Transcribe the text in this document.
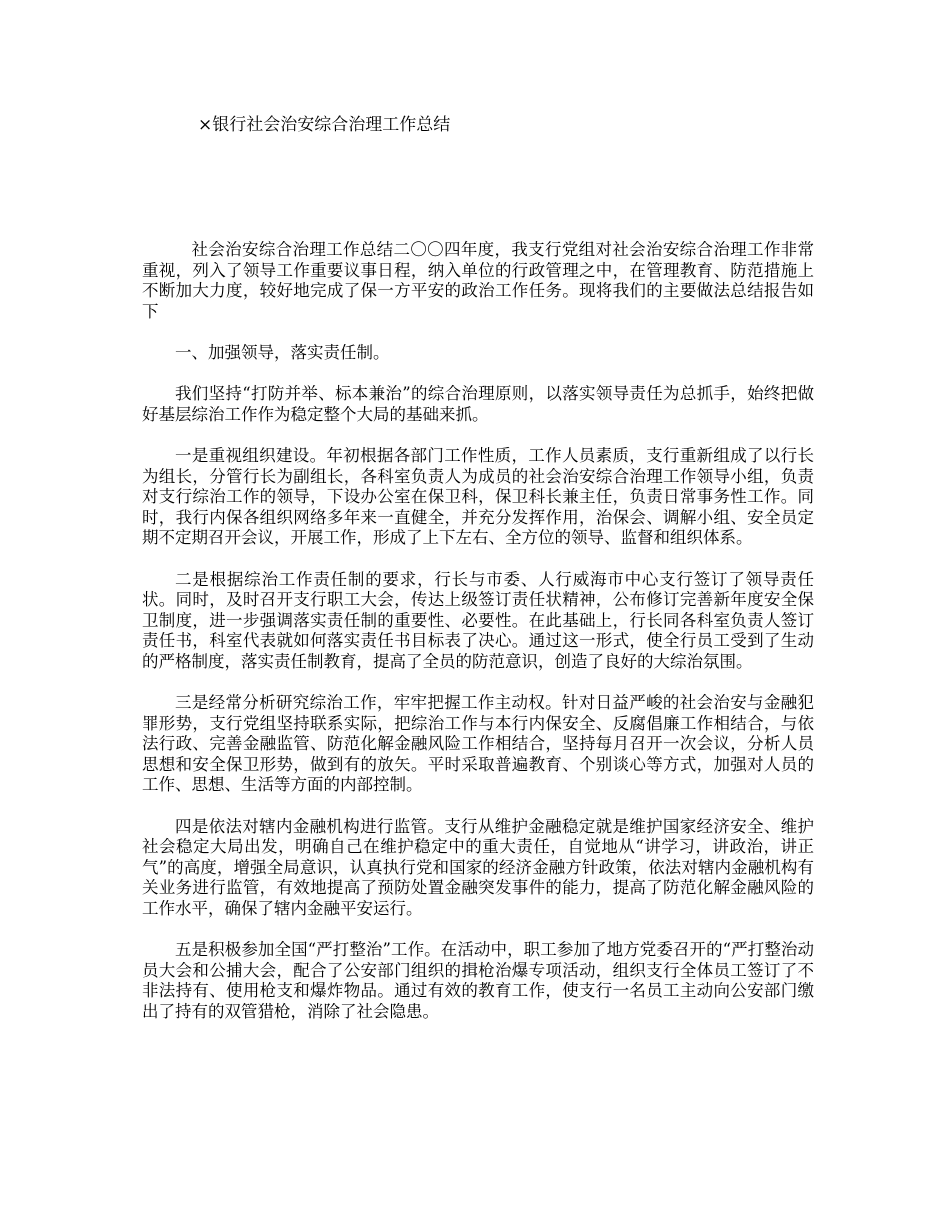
×银行社会治安综合治理工作总结

社会治安综合治理工作总结二〇〇四年度，我支行党组对社会治安综合治理工作非常重视，列入了领导工作重要议事日程，纳入单位的行政管理之中，在管理教育、防范措施上不断加大力度，较好地完成了保一方平安的政治工作任务。现将我们的主要做法总结报告如下

一、加强领导，落实责任制。

我们坚持“打防并举、标本兼治”的综合治理原则，以落实领导责任为总抓手，始终把做好基层综治工作作为稳定整个大局的基础来抓。

一是重视组织建设。年初根据各部门工作性质，工作人员素质，支行重新组成了以行长为组长，分管行长为副组长，各科室负责人为成员的社会治安综合治理工作领导小组，负责对支行综治工作的领导，下设办公室在保卫科，保卫科长兼主任，负责日常事务性工作。同时，我行内保各组织网络多年来一直健全，并充分发挥作用，治保会、调解小组、安全员定期不定期召开会议，开展工作，形成了上下左右、全方位的领导、监督和组织体系。

二是根据综治工作责任制的要求，行长与市委、人行威海市中心支行签订了领导责任状。同时，及时召开支行职工大会，传达上级签订责任状精神，公布修订完善新年度安全保卫制度，进一步强调落实责任制的重要性、必要性。在此基础上，行长同各科室负责人签订责任书，科室代表就如何落实责任书目标表了决心。通过这一形式，使全行员工受到了生动的严格制度，落实责任制教育，提高了全员的防范意识，创造了良好的大综治氛围。

三是经常分析研究综治工作，牢牢把握工作主动权。针对日益严峻的社会治安与金融犯罪形势，支行党组坚持联系实际，把综治工作与本行内保安全、反腐倡廉工作相结合，与依法行政、完善金融监管、防范化解金融风险工作相结合，坚持每月召开一次会议，分析人员思想和安全保卫形势，做到有的放矢。平时采取普遍教育、个别谈心等方式，加强对人员的工作、思想、生活等方面的内部控制。

四是依法对辖内金融机构进行监管。支行从维护金融稳定就是维护国家经济安全、维护社会稳定大局出发，明确自己在维护稳定中的重大责任，自觉地从“讲学习，讲政治，讲正气”的高度，增强全局意识，认真执行党和国家的经济金融方针政策，依法对辖内金融机构有关业务进行监管，有效地提高了预防处置金融突发事件的能力，提高了防范化解金融风险的工作水平，确保了辖内金融平安运行。

五是积极参加全国“严打整治”工作。在活动中，职工参加了地方党委召开的“严打整治动员大会和公捕大会，配合了公安部门组织的揖枪治爆专项活动，组织支行全体员工签订了不非法持有、使用枪支和爆炸物品。通过有效的教育工作，使支行一名员工主动向公安部门缴出了持有的双管猎枪，消除了社会隐患。
